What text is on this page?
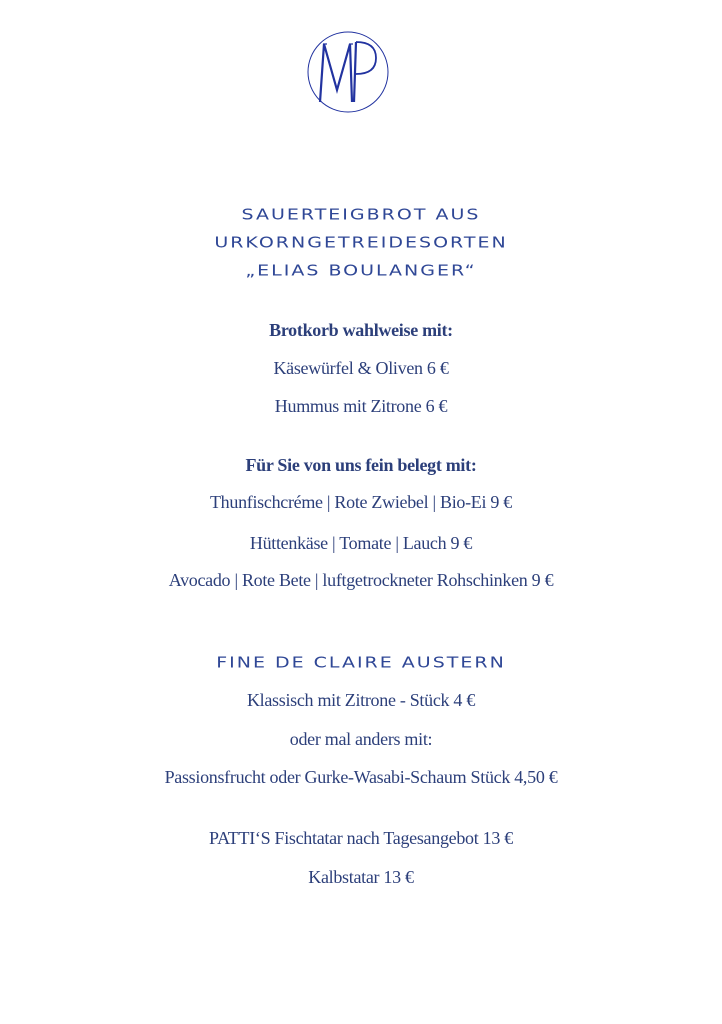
SAUERTEIGBROT AUS
URKORNGETREIDESORTEN
„ELIAS BOULANGER“
Brotkorb wahlweise mit:
Käsewürfel & Oliven 6 €
Hummus mit Zitrone 6 €
Für Sie von uns fein belegt mit:
Thunfischcréme | Rote Zwiebel | Bio-Ei 9 €
Hüttenkäse | Tomate | Lauch 9 €
Avocado | Rote Bete | luftgetrockneter Rohschinken 9 €
FINE DE CLAIRE AUSTERN
Klassisch mit Zitrone - Stück 4 €
oder mal anders mit:
Passionsfrucht oder Gurke-Wasabi-Schaum Stück 4,50 €
PATTI‘S Fischtatar nach Tagesangebot 13 €
Kalbstatar 13 €
